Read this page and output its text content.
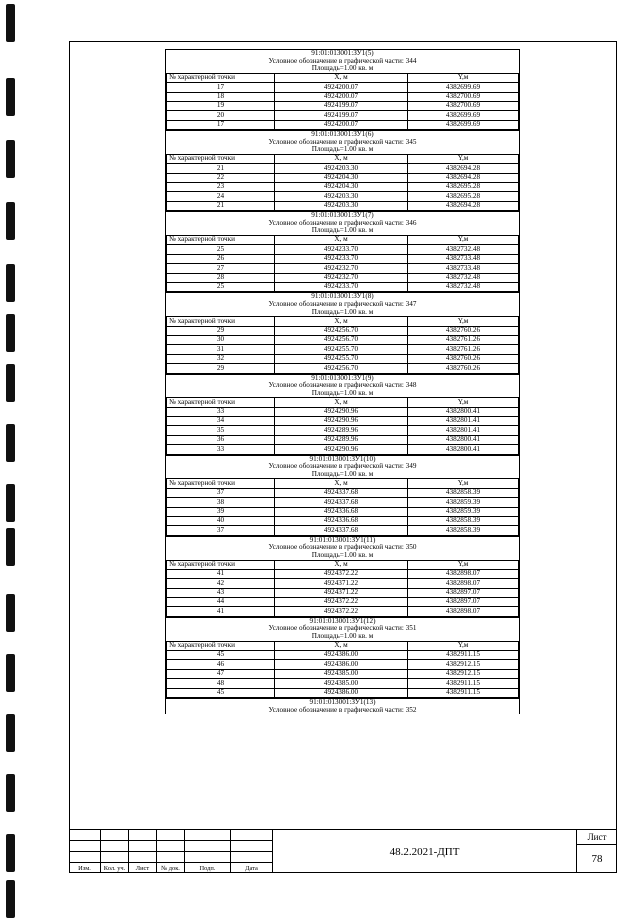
91:01:013001:ЗУ1(5)
Условное обозначение в графической части: 344
Площадь=1.00 кв. м
№ характерной точки	X, м	Y,м
17	4924200.07	4382699.69
18	4924200.07	4382700.69
19	4924199.07	4382700.69
20	4924199.07	4382699.69
17	4924200.07	4382699.69
91:01:013001:ЗУ1(6)
Условное обозначение в графической части: 345
Площадь=1.00 кв. м
№ характерной точки	X, м	Y,м
21	4924203.30	4382694.28
22	4924204.30	4382694.28
23	4924204.30	4382695.28
24	4924203.30	4382695.28
21	4924203.30	4382694.28
91:01:013001:ЗУ1(7)
Условное обозначение в графической части: 346
Площадь=1.00 кв. м
№ характерной точки	X, м	Y,м
25	4924233.70	4382732.48
26	4924233.70	4382733.48
27	4924232.70	4382733.48
28	4924232.70	4382732.48
25	4924233.70	4382732.48
91:01:013001:ЗУ1(8)
Условное обозначение в графической части: 347
Площадь=1.00 кв. м
№ характерной точки	X, м	Y,м
29	4924256.70	4382760.26
30	4924256.70	4382761.26
31	4924255.70	4382761.26
32	4924255.70	4382760.26
29	4924256.70	4382760.26
91:01:013001:ЗУ1(9)
Условное обозначение в графической части: 348
Площадь=1.00 кв. м
№ характерной точки	X, м	Y,м
33	4924290.96	4382800.41
34	4924290.96	4382801.41
35	4924289.96	4382801.41
36	4924289.96	4382800.41
33	4924290.96	4382800.41
91:01:013001:ЗУ1(10)
Условное обозначение в графической части: 349
Площадь=1.00 кв. м
№ характерной точки	X, м	Y,м
37	4924337.68	4382858.39
38	4924337.68	4382859.39
39	4924336.68	4382859.39
40	4924336.68	4382858.39
37	4924337.68	4382858.39
91:01:013001:ЗУ1(11)
Условное обозначение в графической части: 350
Площадь=1.00 кв. м
№ характерной точки	X, м	Y,м
41	4924372.22	4382898.07
42	4924371.22	4382898.07
43	4924371.22	4382897.07
44	4924372.22	4382897.07
41	4924372.22	4382898.07
91:01:013001:ЗУ1(12)
Условное обозначение в графической части: 351
Площадь=1.00 кв. м
№ характерной точки	X, м	Y,м
45	4924386.00	4382911.15
46	4924386.00	4382912.15
47	4924385.00	4382912.15
48	4924385.00	4382911.15
45	4924386.00	4382911.15
91:01:013001:ЗУ1(13)
Условное обозначение в графической части: 352
Изм.	Кол. уч.	Лист	№ док.	Подп.	Дата
48.2.2021-ДПТ
Лист
78
